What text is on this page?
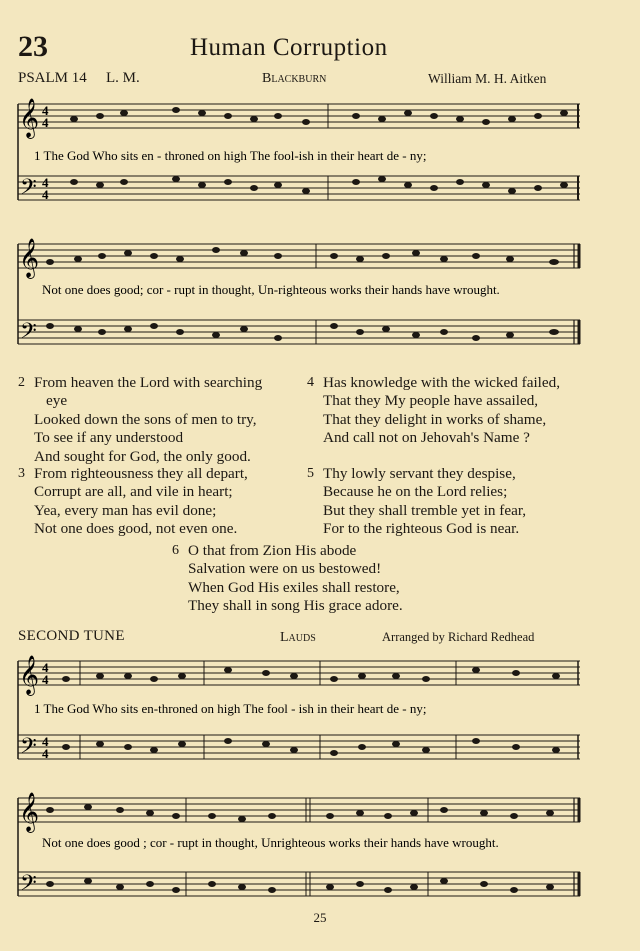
23	Human Corruption
PSALM 14 L. M.	Blackburn	William M. H. Aitken
𝄞
𝄢
4
4
4
4
1 The God Who sits en - throned on high The fool-ish in their heart de - ny;
𝄞
𝄢
Not one does good; cor - rupt in thought, Un-righteous works their hands have wrought.
2 From heaven the Lord with searching
eye
Looked down the sons of men to try,
To see if any understood
And sought for God, the only good.
3 From righteousness they all depart,
Corrupt are all, and vile in heart;
Yea, every man has evil done;
Not one does good, not even one.
4 Has knowledge with the wicked failed,
That they My people have assailed,
That they delight in works of shame,
And call not on Jehovah's Name ?
5 Thy lowly servant they despise,
Because he on the Lord relies;
But they shall tremble yet in fear,
For to the righteous God is near.
6 O that from Zion His abode
Salvation were on us bestowed!
When God His exiles shall restore,
They shall in song His grace adore.
SECOND TUNE	Lauds	Arranged by Richard Redhead
𝄞
𝄢
4
4
4
4
1 The God Who sits en-throned on high The fool - ish in their heart de - ny;
𝄞
𝄢
Not one does good ; cor - rupt in thought, Unrighteous works their hands have wrought.
25
